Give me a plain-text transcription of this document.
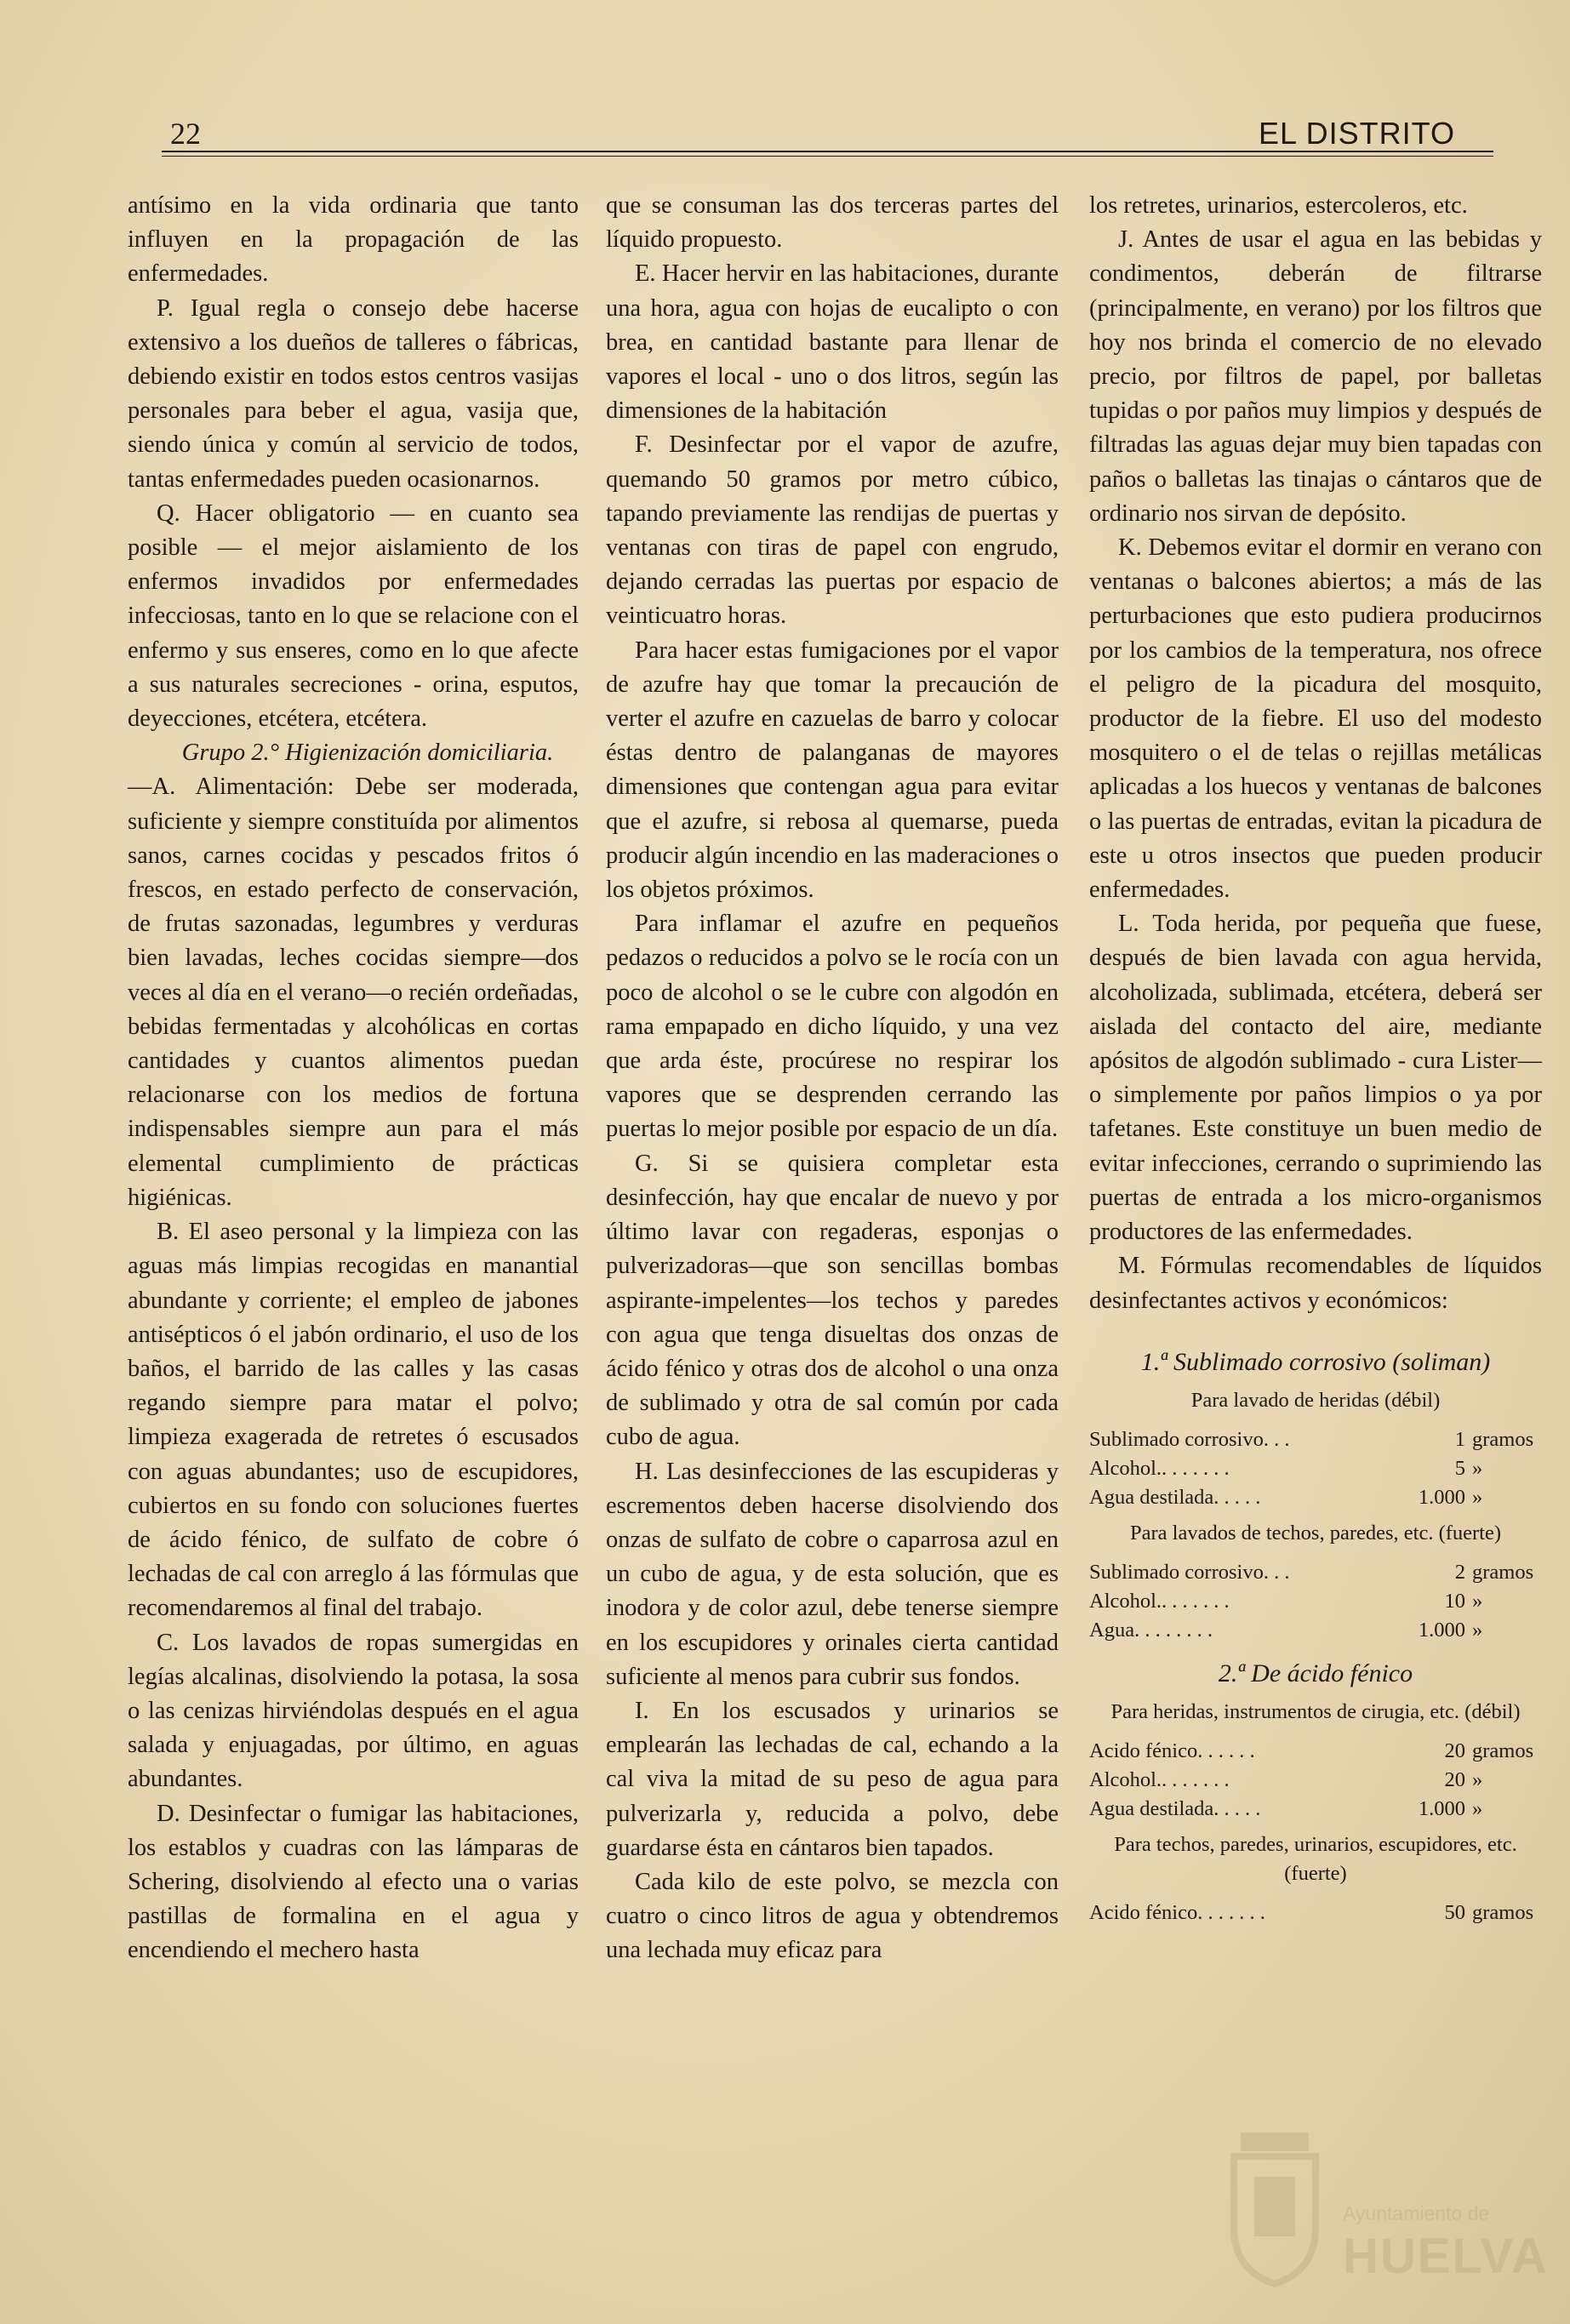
22	EL DISTRITO

antísimo en la vida ordinaria que tanto influyen en la propagación de las enfermedades.

P. Igual regla o consejo debe hacerse extensivo a los dueños de talleres o fábricas, debiendo existir en todos estos centros vasijas personales para beber el agua, vasija que, siendo única y común al servicio de todos, tantas enfermedades pueden ocasionarnos.

Q. Hacer obligatorio — en cuanto sea posible — el mejor aislamiento de los enfermos invadidos por enfermedades infecciosas, tanto en lo que se relacione con el enfermo y sus enseres, como en lo que afecte a sus naturales secreciones - orina, esputos, deyecciones, etcétera, etcétera.

Grupo 2.° Higienización domiciliaria.

—A. Alimentación: Debe ser moderada, suficiente y siempre constituída por alimentos sanos, carnes cocidas y pescados fritos ó frescos, en estado perfecto de conservación, de frutas sazonadas, legumbres y verduras bien lavadas, leches cocidas siempre—dos veces al día en el verano—o recién ordeñadas, bebidas fermentadas y alcohólicas en cortas cantidades y cuantos alimentos puedan relacionarse con los medios de fortuna indispensables siempre aun para el más elemental cumplimiento de prácticas higiénicas.

B. El aseo personal y la limpieza con las aguas más limpias recogidas en manantial abundante y corriente; el empleo de jabones antisépticos ó el jabón ordinario, el uso de los baños, el barrido de las calles y las casas regando siempre para matar el polvo; limpieza exagerada de retretes ó escusados con aguas abundantes; uso de escupidores, cubiertos en su fondo con soluciones fuertes de ácido fénico, de sulfato de cobre ó lechadas de cal con arreglo á las fórmulas que recomendaremos al final del trabajo.

C. Los lavados de ropas sumergidas en legías alcalinas, disolviendo la potasa, la sosa o las cenizas hirviéndolas después en el agua salada y enjuagadas, por último, en aguas abundantes.

D. Desinfectar o fumigar las habitaciones, los establos y cuadras con las lámparas de Schering, disolviendo al efecto una o varias pastillas de formalina en el agua y encendiendo el mechero hasta

que se consuman las dos terceras partes del líquido propuesto.

E. Hacer hervir en las habitaciones, durante una hora, agua con hojas de eucalipto o con brea, en cantidad bastante para llenar de vapores el local - uno o dos litros, según las dimensiones de la habitación

F. Desinfectar por el vapor de azufre, quemando 50 gramos por metro cúbico, tapando previamente las rendijas de puertas y ventanas con tiras de papel con engrudo, dejando cerradas las puertas por espacio de veinticuatro horas.

Para hacer estas fumigaciones por el vapor de azufre hay que tomar la precaución de verter el azufre en cazuelas de barro y colocar éstas dentro de palanganas de mayores dimensiones que contengan agua para evitar que el azufre, si rebosa al quemarse, pueda producir algún incendio en las maderaciones o los objetos próximos.

Para inflamar el azufre en pequeños pedazos o reducidos a polvo se le rocía con un poco de alcohol o se le cubre con algodón en rama empapado en dicho líquido, y una vez que arda éste, procúrese no respirar los vapores que se desprenden cerrando las puertas lo mejor posible por espacio de un día.

G. Si se quisiera completar esta desinfección, hay que encalar de nuevo y por último lavar con regaderas, esponjas o pulverizadoras—que son sencillas bombas aspirante-impelentes—los techos y paredes con agua que tenga disueltas dos onzas de ácido fénico y otras dos de alcohol o una onza de sublimado y otra de sal común por cada cubo de agua.

H. Las desinfecciones de las escupideras y escrementos deben hacerse disolviendo dos onzas de sulfato de cobre o caparrosa azul en un cubo de agua, y de esta solución, que es inodora y de color azul, debe tenerse siempre en los escupidores y orinales cierta cantidad suficiente al menos para cubrir sus fondos.

I. En los escusados y urinarios se emplearán las lechadas de cal, echando a la cal viva la mitad de su peso de agua para pulverizarla y, reducida a polvo, debe guardarse ésta en cántaros bien tapados.

Cada kilo de este polvo, se mezcla con cuatro o cinco litros de agua y obtendremos una lechada muy eficaz para

los retretes, urinarios, estercoleros, etc.

J. Antes de usar el agua en las bebidas y condimentos, deberán de filtrarse (principalmente, en verano) por los filtros que hoy nos brinda el comercio de no elevado precio, por filtros de papel, por balletas tupidas o por paños muy limpios y después de filtradas las aguas dejar muy bien tapadas con paños o balletas las tinajas o cántaros que de ordinario nos sirvan de depósito.

K. Debemos evitar el dormir en verano con ventanas o balcones abiertos; a más de las perturbaciones que esto pudiera producirnos por los cambios de la temperatura, nos ofrece el peligro de la picadura del mosquito, productor de la fiebre. El uso del modesto mosquitero o el de telas o rejillas metálicas aplicadas a los huecos y ventanas de balcones o las puertas de entradas, evitan la picadura de este u otros insectos que pueden producir enfermedades.

L. Toda herida, por pequeña que fuese, después de bien lavada con agua hervida, alcoholizada, sublimada, etcétera, deberá ser aislada del contacto del aire, mediante apósitos de algodón sublimado - cura Lister—o simplemente por paños limpios o ya por tafetanes. Este constituye un buen medio de evitar infecciones, cerrando o suprimiendo las puertas de entrada a los micro-organismos productores de las enfermedades.

M. Fórmulas recomendables de líquidos desinfectantes activos y económicos:

1.ª Sublimado corrosivo (soliman)

Para lavado de heridas (débil)

Sublimado corrosivo. . .	1 gramos
Alcohol.. . . . . . .	5 »
Agua destilada. . . . .	1.000 »

Para lavados de techos, paredes, etc. (fuerte)

Sublimado corrosivo. . .	2 gramos
Alcohol.. . . . . . .	10 »
Agua. . . . . . . .	1.000 »

2.ª De ácido fénico

Para heridas, instrumentos de cirugia, etc. (débil)

Acido fénico. . . . . .	20 gramos
Alcohol.. . . . . . .	20 »
Agua destilada. . . . .	1.000 »

Para techos, paredes, urinarios, escupidores, etc. (fuerte)

Acido fénico. . . . . . .	50 gramos
Ayuntamiento de
HUELVA
